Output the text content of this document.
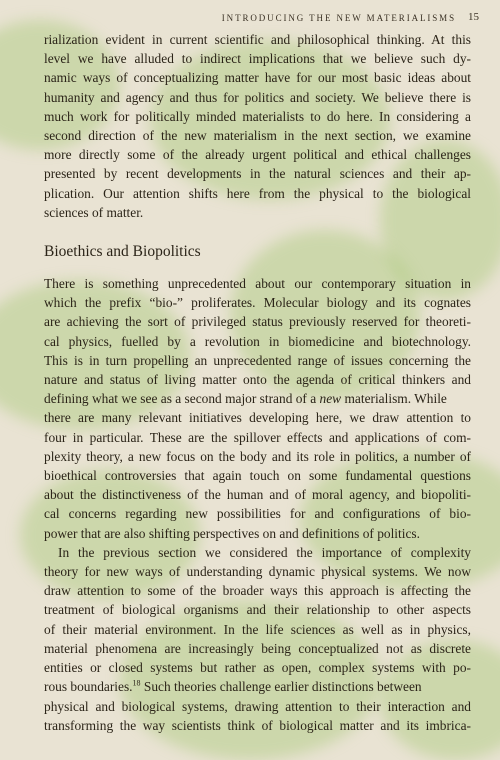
INTRODUCING THE NEW MATERIALISMS 15
rialization evident in current scientific and philosophical thinking. At this
level we have alluded to indirect implications that we believe such dy-
namic ways of conceptualizing matter have for our most basic ideas about
humanity and agency and thus for politics and society. We believe there is
much work for politically minded materialists to do here. In considering a
second direction of the new materialism in the next section, we examine
more directly some of the already urgent political and ethical challenges
presented by recent developments in the natural sciences and their ap-
plication. Our attention shifts here from the physical to the biological
sciences of matter.
Bioethics and Biopolitics
There is something unprecedented about our contemporary situation in
which the prefix “bio-” proliferates. Molecular biology and its cognates
are achieving the sort of privileged status previously reserved for theoreti-
cal physics, fuelled by a revolution in biomedicine and biotechnology.
This is in turn propelling an unprecedented range of issues concerning the
nature and status of living matter onto the agenda of critical thinkers and
defining what we see as a second major strand of a new materialism. While
there are many relevant initiatives developing here, we draw attention to
four in particular. These are the spillover effects and applications of com-
plexity theory, a new focus on the body and its role in politics, a number of
bioethical controversies that again touch on some fundamental questions
about the distinctiveness of the human and of moral agency, and biopoliti-
cal concerns regarding new possibilities for and configurations of bio-
power that are also shifting perspectives on and definitions of politics.
In the previous section we considered the importance of complexity
theory for new ways of understanding dynamic physical systems. We now
draw attention to some of the broader ways this approach is affecting the
treatment of biological organisms and their relationship to other aspects
of their material environment. In the life sciences as well as in physics,
material phenomena are increasingly being conceptualized not as discrete
entities or closed systems but rather as open, complex systems with po-
rous boundaries.$^{18}$ Such theories challenge earlier distinctions between
physical and biological systems, drawing attention to their interaction and
transforming the way scientists think of biological matter and its imbrica-
